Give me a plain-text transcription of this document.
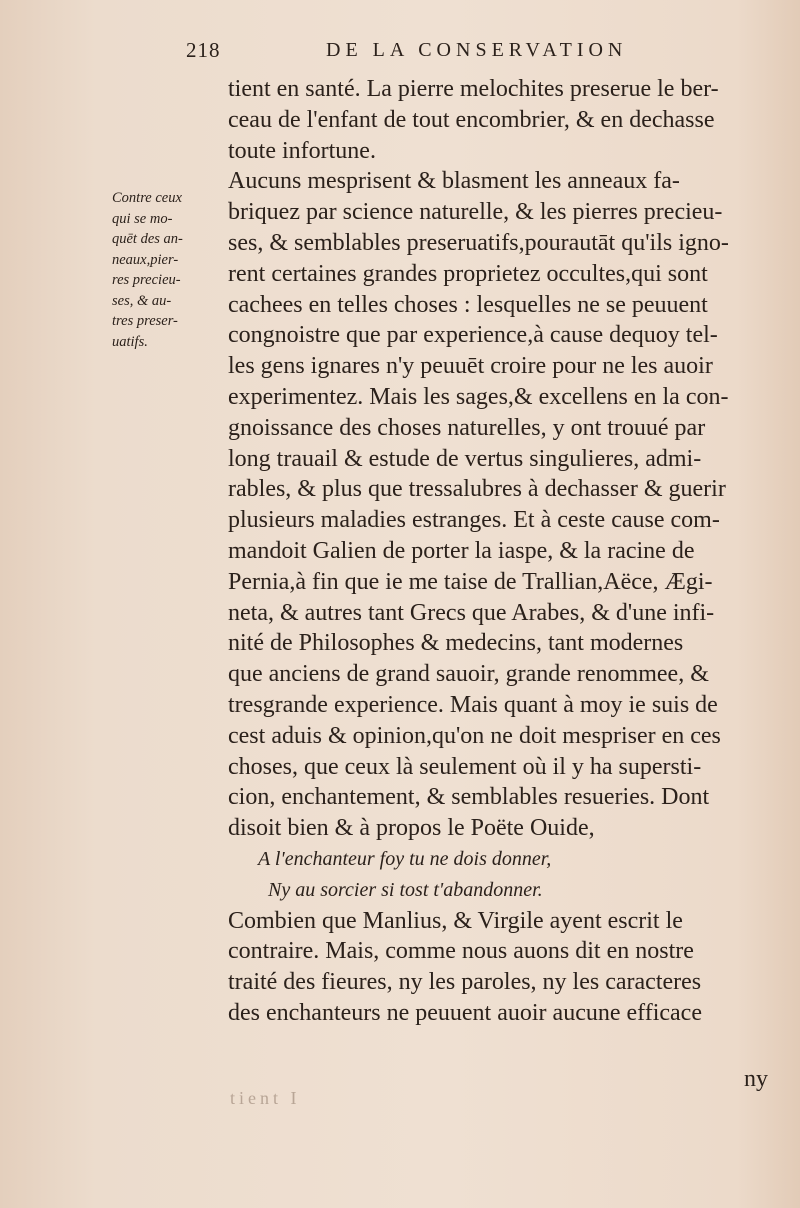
218	DE LA CONSERVATION
Contre ceux
qui se mo-
quēt des an-
neaux,pier-
res precieu-
ses, & au-
tres preser-
uatifs.
tient en santé. La pierre melochites preserue le ber-
ceau de l'enfant de tout encombrier, & en dechasse
toute infortune.
Aucuns mesprisent & blasment les anneaux fa-
briquez par science naturelle, & les pierres precieu-
ses, & semblables preseruatifs,pourautāt qu'ils igno-
rent certaines grandes proprietez occultes,qui sont
cachees en telles choses : lesquelles ne se peuuent
congnoistre que par experience,à cause dequoy tel-
les gens ignares n'y peuuēt croire pour ne les auoir
experimentez. Mais les sages,& excellens en la con-
gnoissance des choses naturelles, y ont trouué par
long trauail & estude de vertus singulieres, admi-
rables, & plus que tressalubres à dechasser & guerir
plusieurs maladies estranges. Et à ceste cause com-
mandoit Galien de porter la iaspe, & la racine de
Pernia,à fin que ie me taise de Trallian,Aëce, Ægi-
neta, & autres tant Grecs que Arabes, & d'une infi-
nité de Philosophes & medecins, tant modernes
que anciens de grand sauoir, grande renommee, &
tresgrande experience. Mais quant à moy ie suis de
cest aduis & opinion,qu'on ne doit mespriser en ces
choses, que ceux là seulement où il y ha supersti-
cion, enchantement, & semblables resueries. Dont
disoit bien & à propos le Poëte Ouide,
A l'enchanteur foy tu ne dois donner,
Ny au sorcier si tost t'abandonner.
Combien que Manlius, & Virgile ayent escrit le
contraire. Mais, comme nous auons dit en nostre
traité des fieures, ny les paroles, ny les caracteres
des enchanteurs ne peuuent auoir aucune efficace
ny
tient I
